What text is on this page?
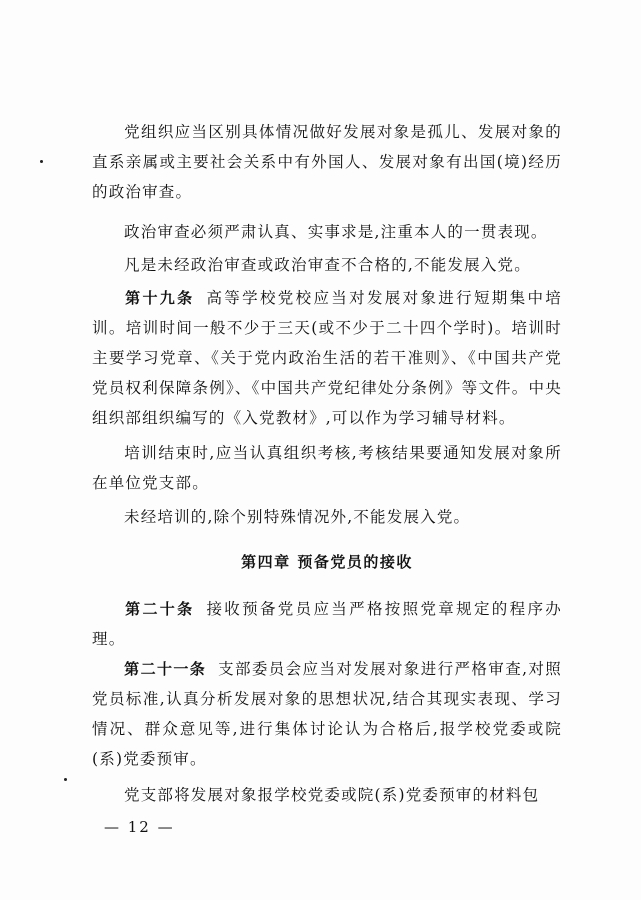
党组织应当区别具体情况做好发展对象是孤儿、发展对象的直系亲属或主要社会关系中有外国人、发展对象有出国(境)经历的政治审查。
政治审查必须严肃认真、实事求是,注重本人的一贯表现。
凡是未经政治审查或政治审查不合格的,不能发展入党。
第十九条 高等学校党校应当对发展对象进行短期集中培训。培训时间一般不少于三天(或不少于二十四个学时)。培训时主要学习党章、《关于党内政治生活的若干准则》、《中国共产党党员权利保障条例》、《中国共产党纪律处分条例》等文件。中央组织部组织编写的《入党教材》,可以作为学习辅导材料。
培训结束时,应当认真组织考核,考核结果要通知发展对象所在单位党支部。
未经培训的,除个别特殊情况外,不能发展入党。
第四章 预备党员的接收
第二十条 接收预备党员应当严格按照党章规定的程序办理。
第二十一条 支部委员会应当对发展对象进行严格审查,对照党员标准,认真分析发展对象的思想状况,结合其现实表现、学习情况、群众意见等,进行集体讨论认为合格后,报学校党委或院(系)党委预审。
党支部将发展对象报学校党委或院(系)党委预审的材料包
— 12 —
